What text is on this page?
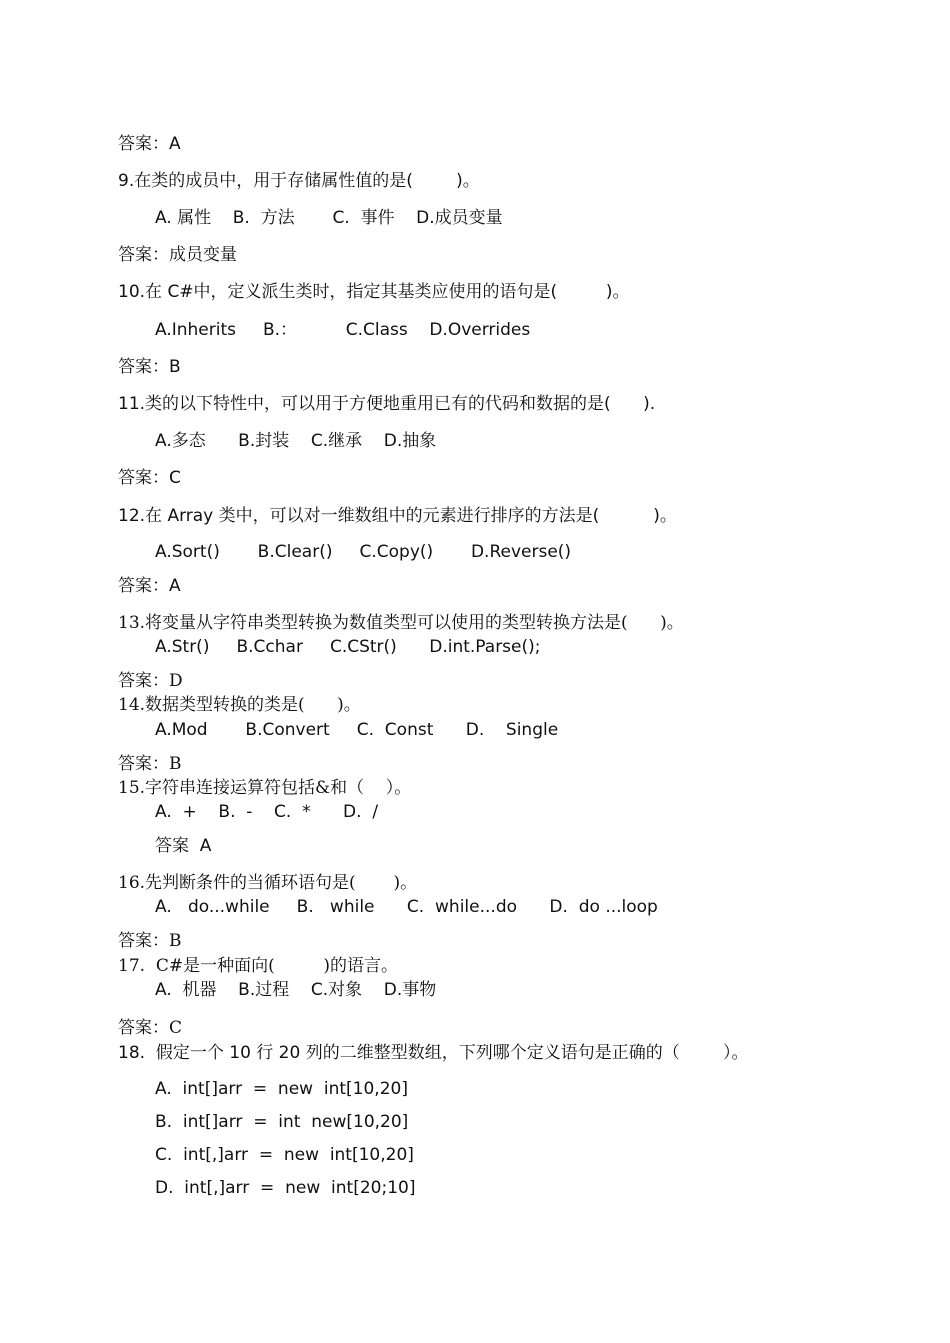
答案：A
9.在类的成员中，用于存储属性值的是(        )。
A. 属性    B.  方法       C.  事件    D.成员变量
答案：成员变量
10.在 C#中，定义派生类时，指定其基类应使用的语句是(         )。
A.Inherits     B.：         C.Class    D.Overrides
答案：B
11.类的以下特性中，可以用于方便地重用已有的代码和数据的是(      ).
A.多态      B.封装    C.继承    D.抽象
答案：C
12.在 Array 类中，可以对一维数组中的元素进行排序的方法是(          )。
A.Sort()       B.Clear()     C.Copy()       D.Reverse()
答案：A
13.将变量从字符串类型转换为数值类型可以使用的类型转换方法是(      )。
A.Str()     B.Cchar     C.CStr()      D.int.Parse();
答案：D
14.数据类型转换的类是(      )。
A.Mod       B.Convert     C.  Const      D.    Single
答案：B
15.字符串连接运算符包括&和（    ）。
A.  +    B.  -    C.  *      D.  /
答案  A
16.先判断条件的当循环语句是(       )。
A.   do...while     B.   while      C.  while...do      D.  do ...loop
答案：B
17.  C#是一种面向(         )的语言。
A.  机器    B.过程    C.对象    D.事物
答案：C
18.  假定一个 10 行 20 列的二维整型数组，下列哪个定义语句是正确的（        ）。
A.  int[]arr  =  new  int[10,20]
B.  int[]arr  =  int  new[10,20]
C.  int[,]arr  =  new  int[10,20]
D.  int[,]arr  =  new  int[20;10]
